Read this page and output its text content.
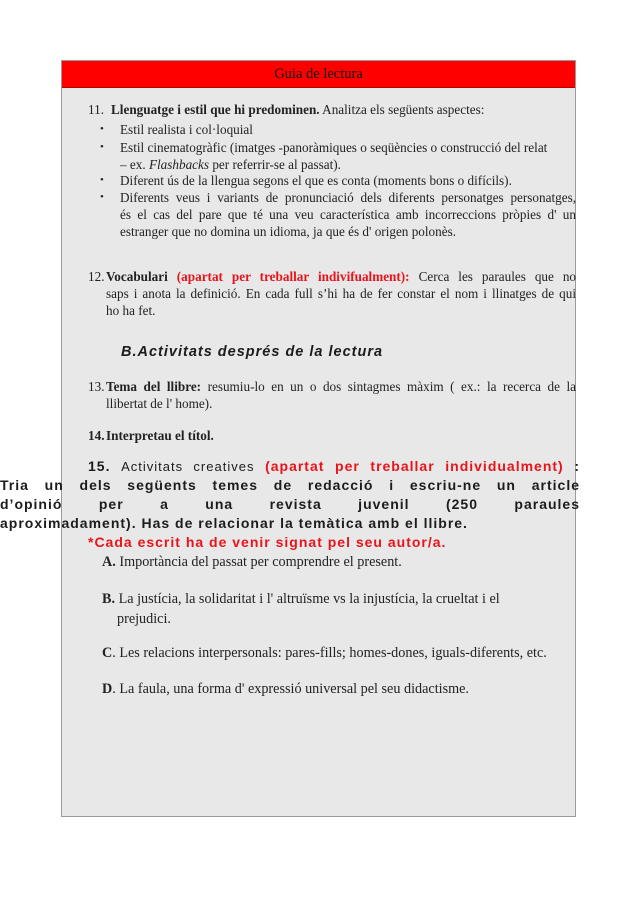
Guia de lectura
11. Llenguatge i estil que hi predominen. Analitza els següents aspectes:
• Estil realista i col·loquial
• Estil cinematogràfic (imatges -panoràmiques o seqüències o construcció del relat
– ex. Flashbacks per referrir-se al passat).
• Diferent ús de la llengua segons el que es conta (moments bons o difícils).
• Diferents veus i variants de pronunciació dels diferents personatges personatges,
és el cas del pare que té una veu característica amb incorreccions pròpies d' un
estranger que no domina un idioma, ja que és d' origen polonès.
12. Vocabulari (apartat per treballar indivifualment): Cerca les paraules que no
saps i anota la definició. En cada full s’hi ha de fer constar el nom i llinatges de qui
ho ha fet.
B.Activitats després de la lectura
13. Tema del llibre: resumiu-lo en un o dos sintagmes màxim ( ex.: la recerca de la
llibertat de l' home).
14. Interpretau el títol.
15. Activitats creatives (apartat per treballar individualment) :
Tria un dels següents temes de redacció i escriu-ne un article
d’opinió per a una revista juvenil (250 paraules
aproximadament). Has de relacionar la temàtica amb el llibre.
*Cada escrit ha de venir signat pel seu autor/a.
A. Importància del passat per comprendre el present.
B. La justícia, la solidaritat i l' altruïsme vs la injustícia, la crueltat i el
prejudici.
C. Les relacions interpersonals: pares-fills; homes-dones, iguals-diferents, etc.
D. La faula, una forma d' expressió universal pel seu didactisme.
